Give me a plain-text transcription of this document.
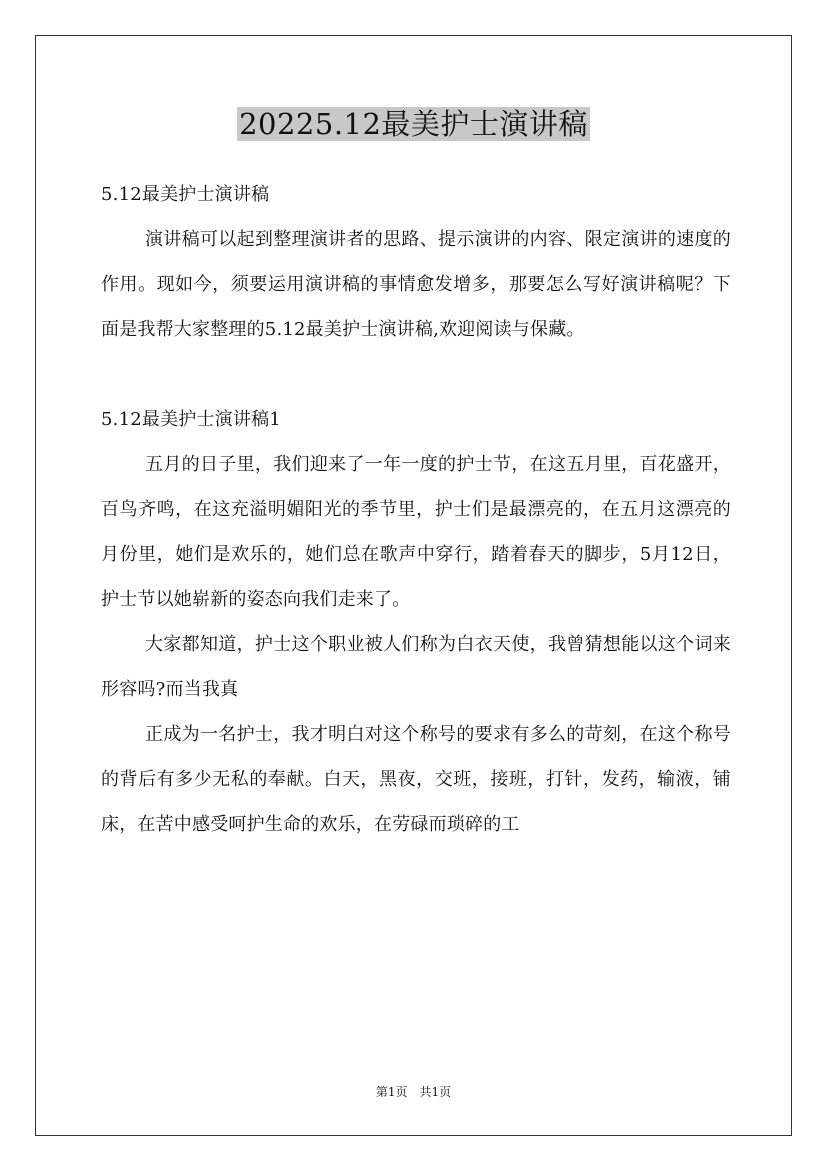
20225.12最美护士演讲稿

5.12最美护士演讲稿

演讲稿可以起到整理演讲者的思路、提示演讲的内容、限定演讲的速度的作用。现如今，须要运用演讲稿的事情愈发增多，那要怎么写好演讲稿呢？下面是我帮大家整理的5.12最美护士演讲稿,欢迎阅读与保藏。

5.12最美护士演讲稿1

五月的日子里，我们迎来了一年一度的护士节，在这五月里，百花盛开，百鸟齐鸣，在这充溢明媚阳光的季节里，护士们是最漂亮的，在五月这漂亮的月份里，她们是欢乐的，她们总在歌声中穿行，踏着春天的脚步，5月12日，护士节以她崭新的姿态向我们走来了。

大家都知道，护士这个职业被人们称为白衣天使，我曾猜想能以这个词来形容吗?而当我真

正成为一名护士，我才明白对这个称号的要求有多么的苛刻，在这个称号的背后有多少无私的奉献。白天，黑夜，交班，接班，打针，发药，输液，铺床，在苦中感受呵护生命的欢乐，在劳碌而琐碎的工

第1页　共1页
